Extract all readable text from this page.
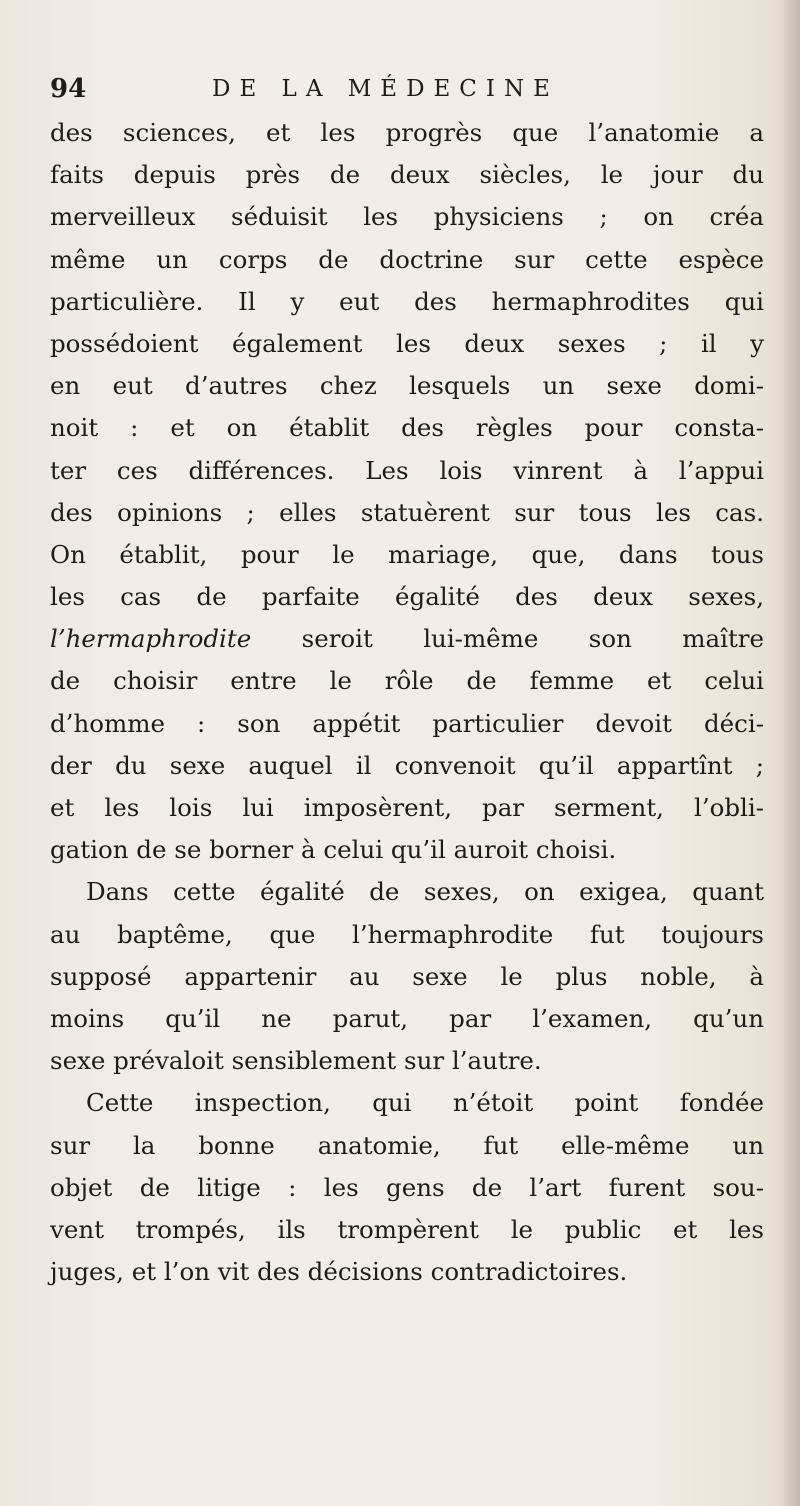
94	DE LA MÉDECINE
des sciences, et les progrès que l’anatomie a
faits depuis près de deux siècles, le jour du
merveilleux séduisit les physiciens ; on créa
même un corps de doctrine sur cette espèce
particulière. Il y eut des hermaphrodites qui
possédoient également les deux sexes ; il y
en eut d’autres chez lesquels un sexe domi-
noit : et on établit des règles pour consta-
ter ces différences. Les lois vinrent à l’appui
des opinions ; elles statuèrent sur tous les cas.
On établit, pour le mariage, que, dans tous
les cas de parfaite égalité des deux sexes,
l’hermaphrodite seroit lui-même son maître
de choisir entre le rôle de femme et celui
d’homme : son appétit particulier devoit déci-
der du sexe auquel il convenoit qu’il appartînt ;
et les lois lui imposèrent, par serment, l’obli-
gation de se borner à celui qu’il auroit choisi.
Dans cette égalité de sexes, on exigea, quant
au baptême, que l’hermaphrodite fut toujours
supposé appartenir au sexe le plus noble, à
moins qu’il ne parut, par l’examen, qu’un
sexe prévaloit sensiblement sur l’autre.
Cette inspection, qui n’étoit point fondée
sur la bonne anatomie, fut elle-même un
objet de litige : les gens de l’art furent sou-
vent trompés, ils trompèrent le public et les
juges, et l’on vit des décisions contradictoires.
